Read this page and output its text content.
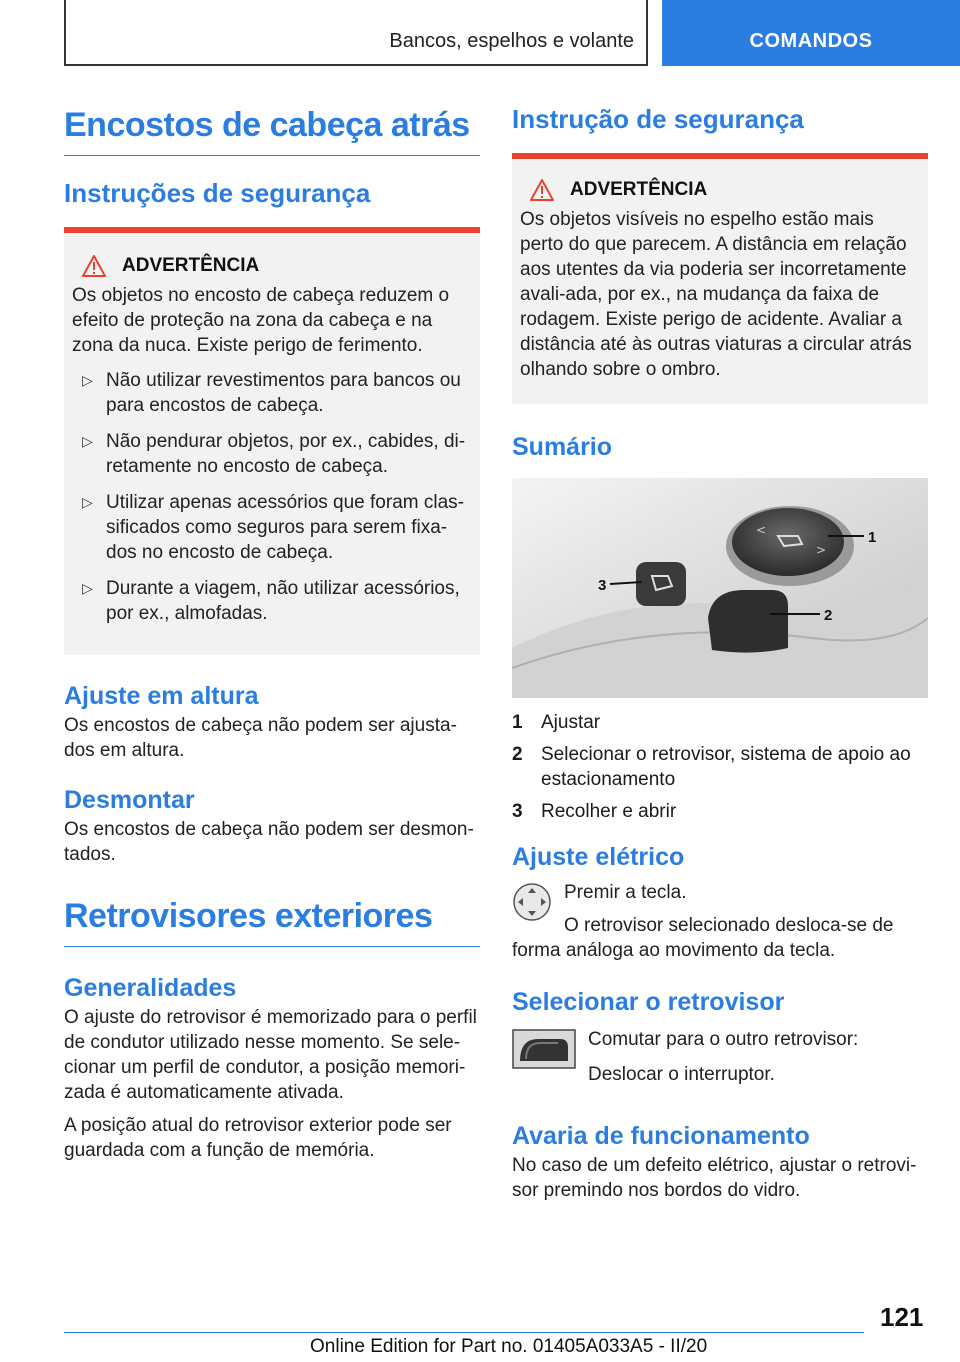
Bancos, espelhos e volante	COMANDOS
Encostos de cabeça atrás
Instruções de segurança
ADVERTÊNCIA

Os objetos no encosto de cabeça reduzem o efeito de proteção na zona da cabeça e na zona da nuca. Existe perigo de ferimento.

▷ Não utilizar revestimentos para bancos ou para encostos de cabeça.
▷ Não pendurar objetos, por ex., cabides, di-retamente no encosto de cabeça.
▷ Utilizar apenas acessórios que foram clas-sificados como seguros para serem fixa-dos no encosto de cabeça.
▷ Durante a viagem, não utilizar acessórios, por ex., almofadas.
Ajuste em altura

Os encostos de cabeça não podem ser ajusta-dos em altura.

Desmontar

Os encostos de cabeça não podem ser desmon-tados.

Retrovisores exteriores
Generalidades

O ajuste do retrovisor é memorizado para o perfil de condutor utilizado nesse momento. Se sele-cionar um perfil de condutor, a posição memori-zada é automaticamente ativada.

A posição atual do retrovisor exterior pode ser guardada com a função de memória.

Instrução de segurança
ADVERTÊNCIA

Os objetos visíveis no espelho estão mais perto do que parecem. A distância em relação aos utentes da via poderia ser incorretamente avali-ada, por ex., na mudança da faixa de rodagem. Existe perigo de acidente. Avaliar a distância até às outras viaturas a circular atrás olhando sobre o ombro.

Sumário
<
>
1
2
3
1 Ajustar
2 Selecionar o retrovisor, sistema de apoio ao estacionamento
3 Recolher e abrir
Ajuste elétrico

Premir a tecla.

O retrovisor selecionado desloca-se de forma análoga ao movimento da tecla.

Selecionar o retrovisor

Comutar para o outro retrovisor:

Deslocar o interruptor.

Avaria de funcionamento

No caso de um defeito elétrico, ajustar o retrovi-sor premindo nos bordos do vidro.

121
Online Edition for Part no. 01405A033A5 - II/20
